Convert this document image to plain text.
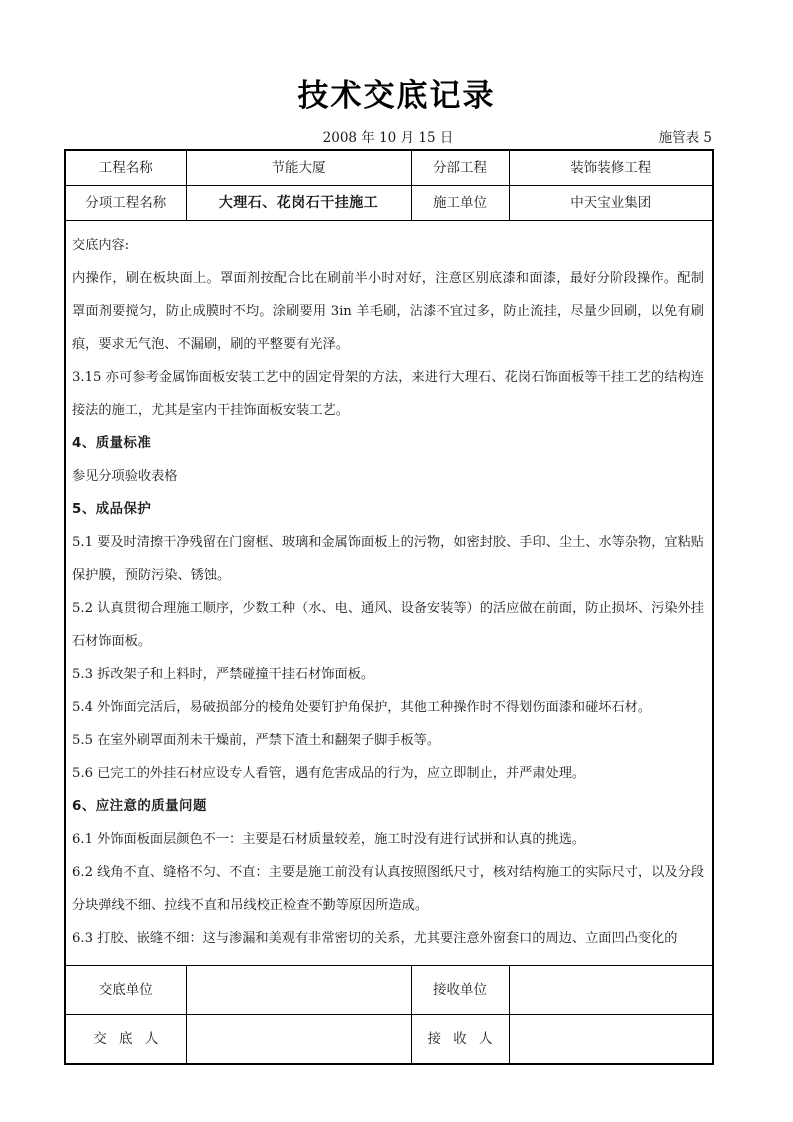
技术交底记录
2008 年 10 月 15 日	施管表 5
工程名称	节能大厦	分部工程	装饰装修工程
分项工程名称	大理石、花岗石干挂施工	施工单位	中天宝业集团

交底内容:

内操作，刷在板块面上。罩面剂按配合比在刷前半小时对好，注意区别底漆和面漆，最好分阶段操作。配制罩面剂要搅匀，防止成膜时不均。涂刷要用 3in 羊毛刷，沾漆不宜过多，防止流挂，尽量少回刷，以免有刷痕，要求无气泡、不漏刷，刷的平整要有光泽。

3.15 亦可参考金属饰面板安装工艺中的固定骨架的方法，来进行大理石、花岗石饰面板等干挂工艺的结构连接法的施工，尤其是室内干挂饰面板安装工艺。

4、质量标准

参见分项验收表格

5、成品保护

5.1 要及时清擦干净残留在门窗框、玻璃和金属饰面板上的污物，如密封胶、手印、尘土、水等杂物，宜粘贴保护膜，预防污染、锈蚀。

5.2 认真贯彻合理施工顺序，少数工种（水、电、通风、设备安装等）的活应做在前面，防止损坏、污染外挂石材饰面板。

5.3 拆改架子和上料时，严禁碰撞干挂石材饰面板。

5.4 外饰面完活后，易破损部分的棱角处要钉护角保护，其他工种操作时不得划伤面漆和碰坏石材。

5.5 在室外刷罩面剂未干燥前，严禁下渣土和翻架子脚手板等。

5.6 已完工的外挂石材应设专人看管，遇有危害成品的行为，应立即制止，并严肃处理。

6、应注意的质量问题

6.1 外饰面板面层颜色不一：主要是石材质量较差，施工时没有进行试拼和认真的挑选。

6.2 线角不直、缝格不匀、不直：主要是施工前没有认真按照图纸尺寸，核对结构施工的实际尺寸，以及分段分块弹线不细、拉线不直和吊线校正检查不勤等原因所造成。

6.3 打胶、嵌缝不细：这与渗漏和美观有非常密切的关系，尤其要注意外窗套口的周边、立面凹凸变化的

交底单位		接收单位	
交 底 人		接 收 人	
